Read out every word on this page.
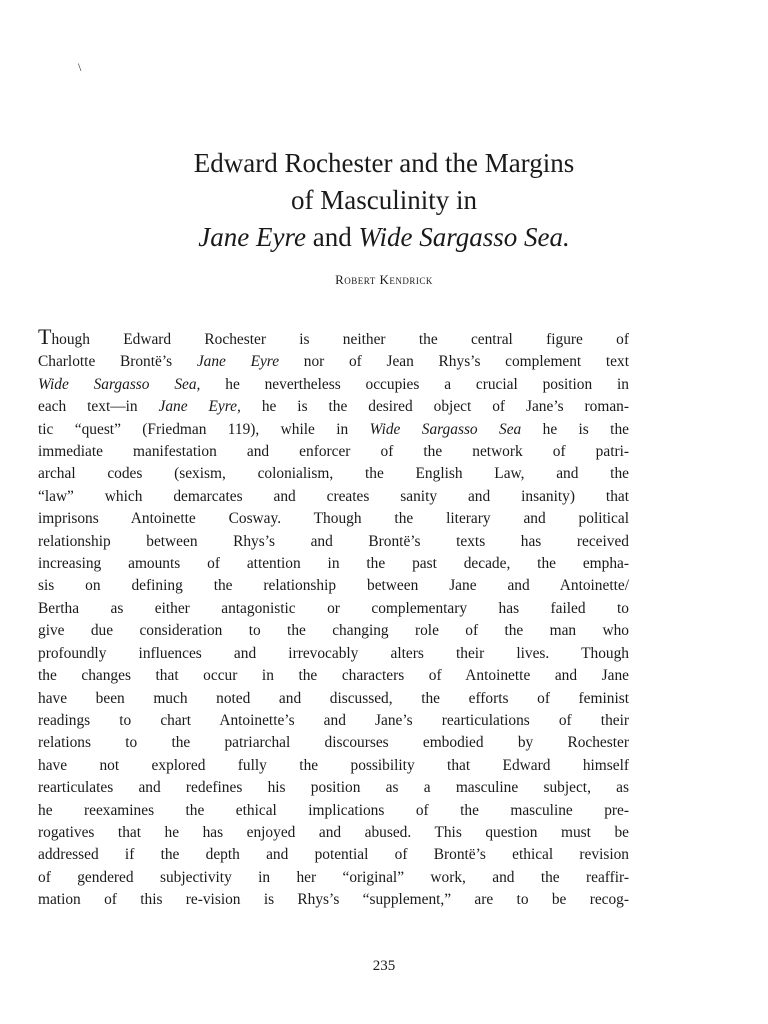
\
Edward Rochester and the Margins
of Masculinity in
Jane Eyre and Wide Sargasso Sea.

Robert Kendrick

Though Edward Rochester is neither the central figure of
Charlotte Brontë’s Jane Eyre nor of Jean Rhys’s complement text
Wide Sargasso Sea, he nevertheless occupies a crucial position in
each text—in Jane Eyre, he is the desired object of Jane’s roman-
tic “quest” (Friedman 119), while in Wide Sargasso Sea he is the
immediate manifestation and enforcer of the network of patri-
archal codes (sexism, colonialism, the English Law, and the
“law” which demarcates and creates sanity and insanity) that
imprisons Antoinette Cosway. Though the literary and political
relationship between Rhys’s and Brontë’s texts has received
increasing amounts of attention in the past decade, the empha-
sis on defining the relationship between Jane and Antoinette/
Bertha as either antagonistic or complementary has failed to
give due consideration to the changing role of the man who
profoundly influences and irrevocably alters their lives. Though
the changes that occur in the characters of Antoinette and Jane
have been much noted and discussed, the efforts of feminist
readings to chart Antoinette’s and Jane’s rearticulations of their
relations to the patriarchal discourses embodied by Rochester
have not explored fully the possibility that Edward himself
rearticulates and redefines his position as a masculine subject, as
he reexamines the ethical implications of the masculine pre-
rogatives that he has enjoyed and abused. This question must be
addressed if the depth and potential of Brontë’s ethical revision
of gendered subjectivity in her “original” work, and the reaffir-
mation of this re-vision is Rhys’s “supplement,” are to be recog-

235
